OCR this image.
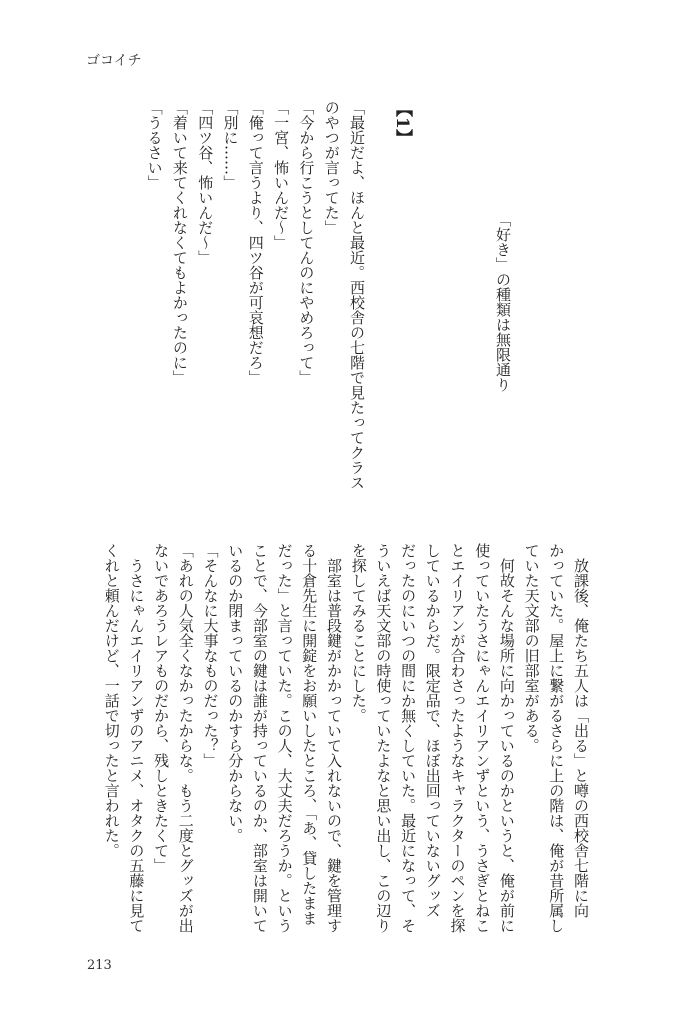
ゴコイチ
「好き」の種類は無限通り
【1】
「最近だよ、ほんと最近。西校舎の七階で見たってクラス
のやつが言ってた」
「今から行こうとしてんのにやめろって」
「一宮、怖いんだ〜」
「俺って言うより、四ツ谷が可哀想だろ」
「別に……」
「四ツ谷、怖いんだ〜」
「着いて来てくれなくてもよかったのに」
「うるさい」
　放課後、俺たち五人は「出る」と噂の西校舎七階に向
かっていた。屋上に繋がるさらに上の階は、俺が昔所属し
ていた天文部の旧部室がある。
　何故そんな場所に向かっているのかというと、俺が前に
使っていたうさにゃんエイリアンずという、うさぎとねこ
とエイリアンが合わさったようなキャラクターのペンを探
しているからだ。限定品で、ほぼ出回っていないグッズ
だったのにいつの間にか無くしていた。最近になって、そ
ういえば天文部の時使っていたよなと思い出し、この辺り
を探してみることにした。
　部室は普段鍵がかかっていて入れないので、鍵を管理す
る十倉先生に開錠をお願いしたところ、「あ、貸したまま
だった」と言っていた。この人、大丈夫だろうか。という
ことで、今部室の鍵は誰が持っているのか、部室は開いて
いるのか閉まっているのかすら分からない。
「そんなに大事なものだった？」
「あれの人気全くなかったからな。もう二度とグッズが出
ないであろうレアものだから、残しときたくて」
　うさにゃんエイリアンずのアニメ、オタクの五藤に見て
くれと頼んだけど、一話で切ったと言われた。
213
